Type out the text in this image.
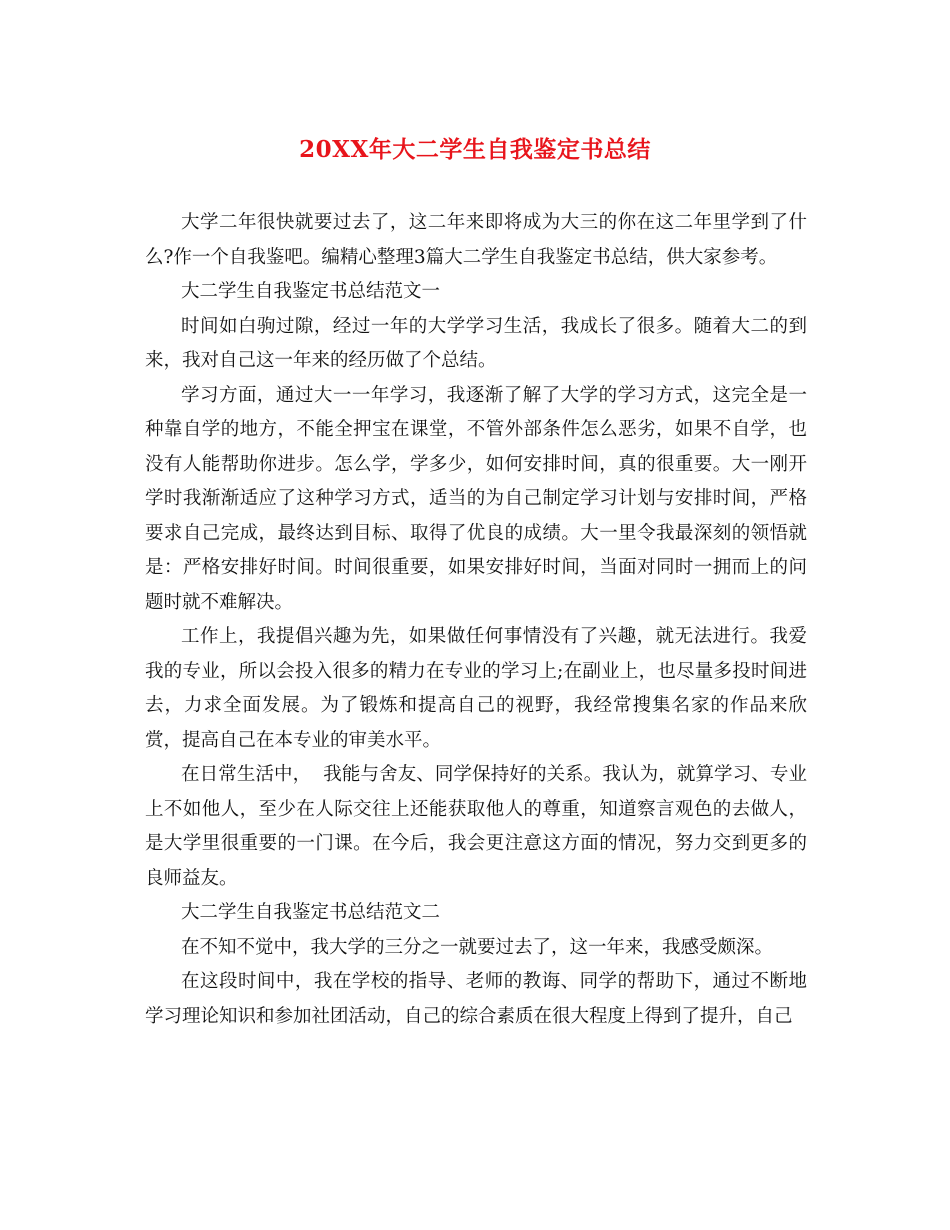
20XX年大二学生自我鉴定书总结

大学二年很快就要过去了，这二年来即将成为大三的你在这二年里学到了什么?作一个自我鉴吧。编精心整理3篇大二学生自我鉴定书总结，供大家参考。

大二学生自我鉴定书总结范文一

时间如白驹过隙，经过一年的大学学习生活，我成长了很多。随着大二的到来，我对自己这一年来的经历做了个总结。

学习方面，通过大一一年学习，我逐渐了解了大学的学习方式，这完全是一种靠自学的地方，不能全押宝在课堂，不管外部条件怎么恶劣，如果不自学，也没有人能帮助你进步。怎么学，学多少，如何安排时间，真的很重要。大一刚开学时我渐渐适应了这种学习方式，适当的为自己制定学习计划与安排时间，严格要求自己完成，最终达到目标、取得了优良的成绩。大一里令我最深刻的领悟就是：严格安排好时间。时间很重要，如果安排好时间，当面对同时一拥而上的问题时就不难解决。

工作上，我提倡兴趣为先，如果做任何事情没有了兴趣，就无法进行。我爱我的专业，所以会投入很多的精力在专业的学习上;在副业上，也尽量多投时间进去，力求全面发展。为了锻炼和提高自己的视野，我经常搜集名家的作品来欣赏，提高自己在本专业的审美水平。

在日常生活中，  我能与舍友、同学保持好的关系。我认为，就算学习、专业上不如他人，至少在人际交往上还能获取他人的尊重，知道察言观色的去做人，是大学里很重要的一门课。在今后，我会更注意这方面的情况，努力交到更多的良师益友。

大二学生自我鉴定书总结范文二

在不知不觉中，我大学的三分之一就要过去了，这一年来，我感受颇深。

在这段时间中，我在学校的指导、老师的教诲、同学的帮助下，通过不断地学习理论知识和参加社团活动，自己的综合素质在很大程度上得到了提升，自己
